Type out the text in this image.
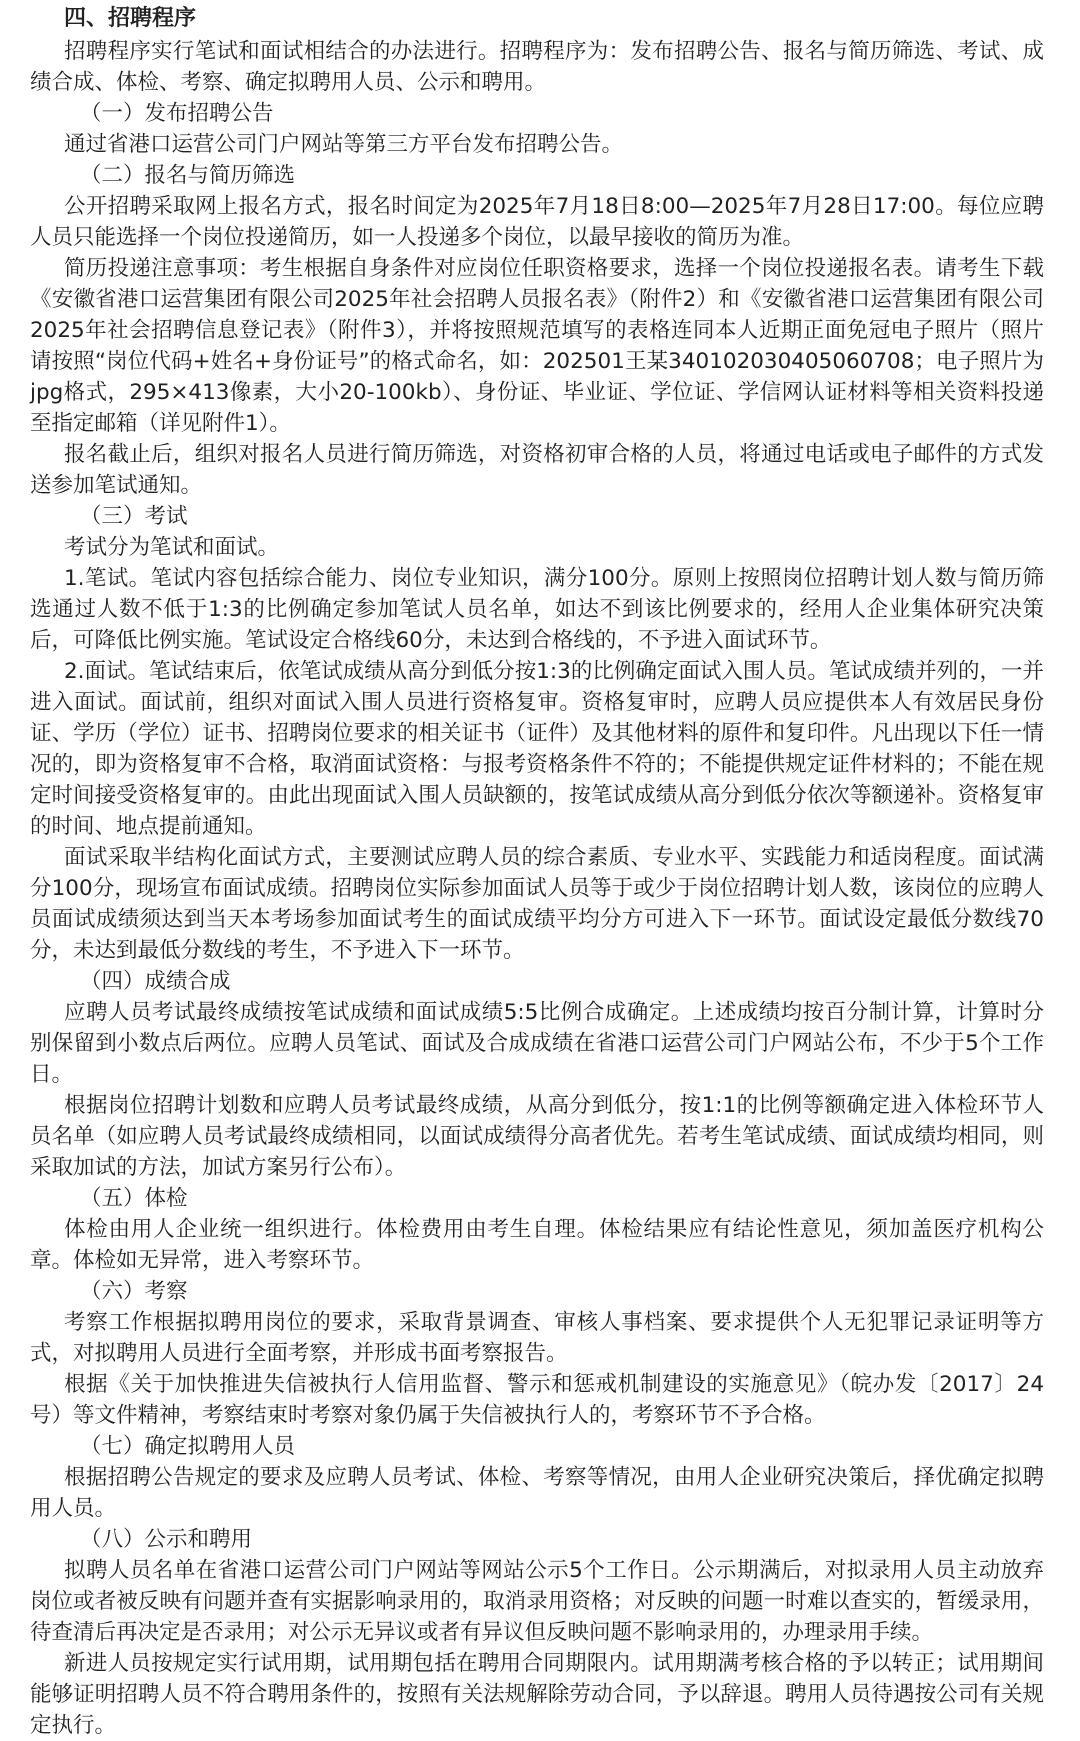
四、招聘程序

招聘程序实行笔试和面试相结合的办法进行。招聘程序为：发布招聘公告、报名与简历筛选、考试、成绩合成、体检、考察、确定拟聘用人员、公示和聘用。

（一）发布招聘公告

通过省港口运营公司门户网站等第三方平台发布招聘公告。

（二）报名与简历筛选

公开招聘采取网上报名方式，报名时间定为2025年7月18日8:00—2025年7月28日17:00。每位应聘人员只能选择一个岗位投递简历，如一人投递多个岗位，以最早接收的简历为准。

简历投递注意事项：考生根据自身条件对应岗位任职资格要求，选择一个岗位投递报名表。请考生下载《安徽省港口运营集团有限公司2025年社会招聘人员报名表》（附件2）和《安徽省港口运营集团有限公司2025年社会招聘信息登记表》（附件3），并将按照规范填写的表格连同本人近期正面免冠电子照片（照片请按照“岗位代码+姓名+身份证号”的格式命名，如：202501王某340102030405060708；电子照片为jpg格式，295×413像素，大小20-100kb）、身份证、毕业证、学位证、学信网认证材料等相关资料投递至指定邮箱（详见附件1）。

报名截止后，组织对报名人员进行简历筛选，对资格初审合格的人员，将通过电话或电子邮件的方式发送参加笔试通知。

（三）考试

考试分为笔试和面试。

1.笔试。笔试内容包括综合能力、岗位专业知识，满分100分。原则上按照岗位招聘计划人数与简历筛选通过人数不低于1:3的比例确定参加笔试人员名单，如达不到该比例要求的，经用人企业集体研究决策后，可降低比例实施。笔试设定合格线60分，未达到合格线的，不予进入面试环节。

2.面试。笔试结束后，依笔试成绩从高分到低分按1:3的比例确定面试入围人员。笔试成绩并列的，一并进入面试。面试前，组织对面试入围人员进行资格复审。资格复审时，应聘人员应提供本人有效居民身份证、学历（学位）证书、招聘岗位要求的相关证书（证件）及其他材料的原件和复印件。凡出现以下任一情况的，即为资格复审不合格，取消面试资格：与报考资格条件不符的；不能提供规定证件材料的；不能在规定时间接受资格复审的。由此出现面试入围人员缺额的，按笔试成绩从高分到低分依次等额递补。资格复审的时间、地点提前通知。

面试采取半结构化面试方式，主要测试应聘人员的综合素质、专业水平、实践能力和适岗程度。面试满分100分，现场宣布面试成绩。招聘岗位实际参加面试人员等于或少于岗位招聘计划人数，该岗位的应聘人员面试成绩须达到当天本考场参加面试考生的面试成绩平均分方可进入下一环节。面试设定最低分数线70分，未达到最低分数线的考生，不予进入下一环节。

（四）成绩合成

应聘人员考试最终成绩按笔试成绩和面试成绩5:5比例合成确定。上述成绩均按百分制计算，计算时分别保留到小数点后两位。应聘人员笔试、面试及合成成绩在省港口运营公司门户网站公布，不少于5个工作日。

根据岗位招聘计划数和应聘人员考试最终成绩，从高分到低分，按1:1的比例等额确定进入体检环节人员名单（如应聘人员考试最终成绩相同，以面试成绩得分高者优先。若考生笔试成绩、面试成绩均相同，则采取加试的方法，加试方案另行公布）。

（五）体检

体检由用人企业统一组织进行。体检费用由考生自理。体检结果应有结论性意见，须加盖医疗机构公章。体检如无异常，进入考察环节。

（六）考察

考察工作根据拟聘用岗位的要求，采取背景调查、审核人事档案、要求提供个人无犯罪记录证明等方式，对拟聘用人员进行全面考察，并形成书面考察报告。

根据《关于加快推进失信被执行人信用监督、警示和惩戒机制建设的实施意见》（皖办发〔2017〕24号）等文件精神，考察结束时考察对象仍属于失信被执行人的，考察环节不予合格。

（七）确定拟聘用人员

根据招聘公告规定的要求及应聘人员考试、体检、考察等情况，由用人企业研究决策后，择优确定拟聘用人员。

（八）公示和聘用

拟聘人员名单在省港口运营公司门户网站等网站公示5个工作日。公示期满后，对拟录用人员主动放弃岗位或者被反映有问题并查有实据影响录用的，取消录用资格；对反映的问题一时难以查实的，暂缓录用，待查清后再决定是否录用；对公示无异议或者有异议但反映问题不影响录用的，办理录用手续。

新进人员按规定实行试用期，试用期包括在聘用合同期限内。试用期满考核合格的予以转正；试用期间能够证明招聘人员不符合聘用条件的，按照有关法规解除劳动合同，予以辞退。聘用人员待遇按公司有关规定执行。
